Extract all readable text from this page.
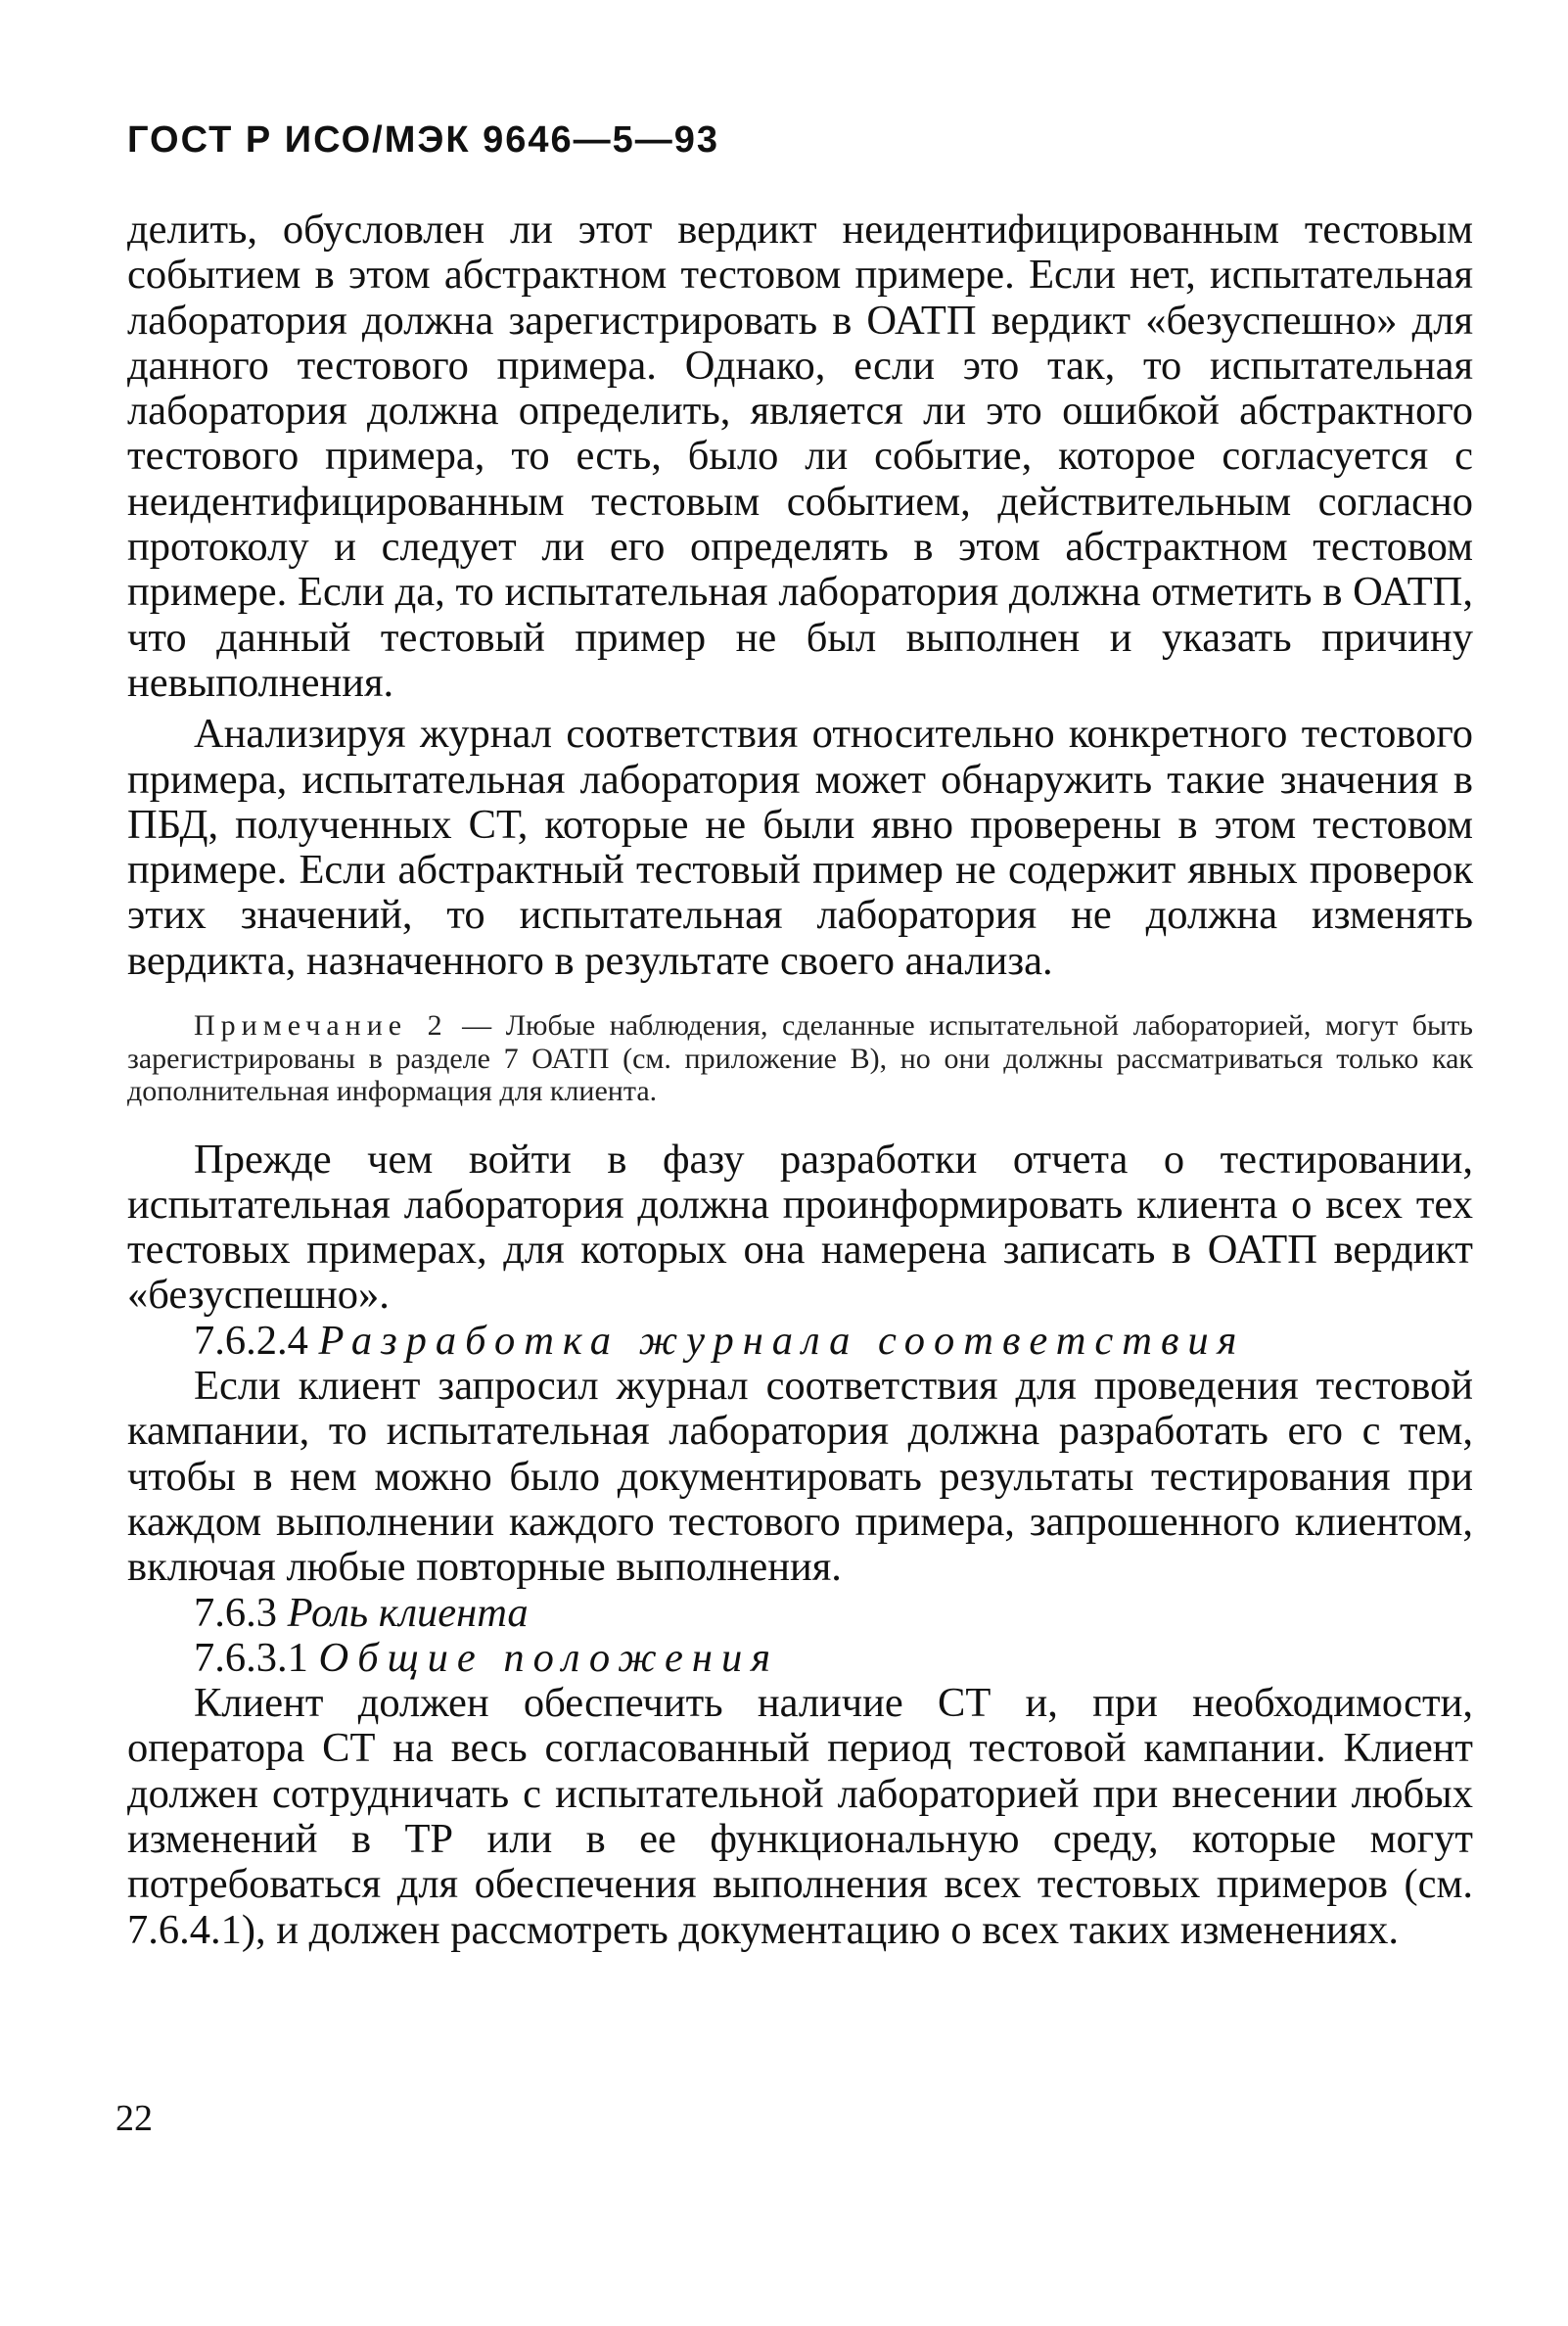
ГОСТ Р ИСО/МЭК 9646—5—93

делить, обусловлен ли этот вердикт неидентифицированным тестовым событием в этом абстрактном тестовом примере. Если нет, испытательная лаборатория должна зарегистрировать в ОАТП вердикт «безуспешно» для данного тестового примера. Однако, если это так, то испытательная лаборатория должна определить, является ли это ошибкой абстрактного тестового примера, то есть, было ли событие, которое согласуется с неидентифицированным тестовым событием, действительным согласно протоколу и следует ли его определять в этом абстрактном тестовом примере. Если да, то испытательная лаборатория должна отметить в ОАТП, что данный тестовый пример не был выполнен и указать причину невыполнения.

Анализируя журнал соответствия относительно конкретного тестового примера, испытательная лаборатория может обнаружить такие значения в ПБД, полученных СТ, которые не были явно проверены в этом тестовом примере. Если абстрактный тестовый пример не содержит явных проверок этих значений, то испытательная лаборатория не должна изменять вердикта, назначенного в результате своего анализа.

Примечание 2 — Любые наблюдения, сделанные испытательной лабораторией, могут быть зарегистрированы в разделе 7 ОАТП (см. приложение В), но они должны рассматриваться только как дополнительная информация для клиента.

Прежде чем войти в фазу разработки отчета о тестировании, испытательная лаборатория должна проинформировать клиента о всех тех тестовых примерах, для которых она намерена записать в ОАТП вердикт «безуспешно».

7.6.2.4 Разработка журнала соответствия

Если клиент запросил журнал соответствия для проведения тестовой кампании, то испытательная лаборатория должна разработать его с тем, чтобы в нем можно было документировать результаты тестирования при каждом выполнении каждого тестового примера, запрошенного клиентом, включая любые повторные выполнения.

7.6.3 Роль клиента

7.6.3.1 Общие положения

Клиент должен обеспечить наличие СТ и, при необходимости, оператора СТ на весь согласованный период тестовой кампании. Клиент должен сотрудничать с испытательной лабораторией при внесении любых изменений в ТР или в ее функциональную среду, которые могут потребоваться для обеспечения выполнения всех тестовых примеров (см. 7.6.4.1), и должен рассмотреть документацию о всех таких изменениях.

22
